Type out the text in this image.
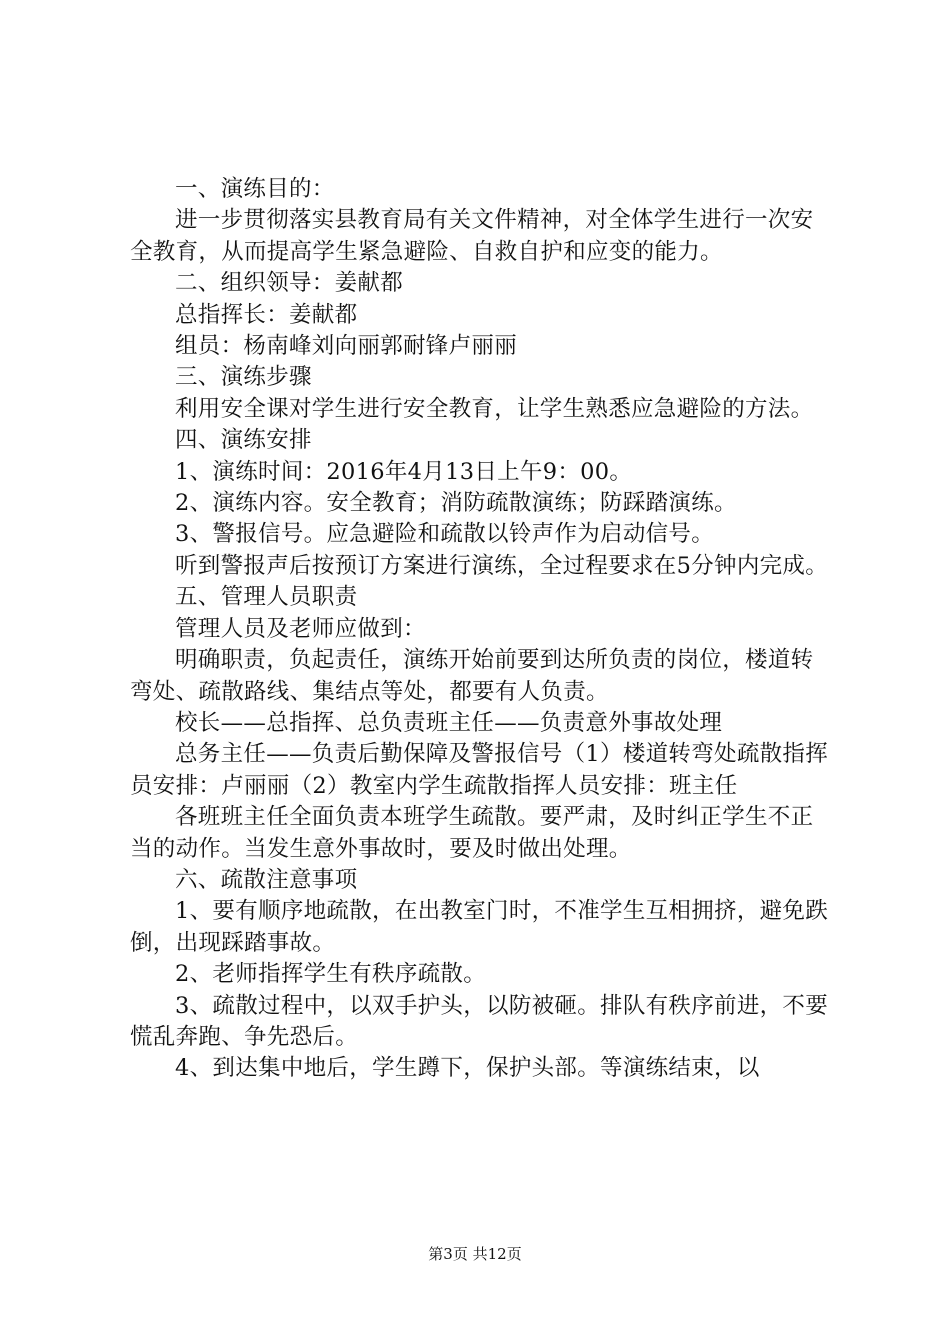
一、演练目的：

进一步贯彻落实县教育局有关文件精神，对全体学生进行一次安全教育，从而提高学生紧急避险、自救自护和应变的能力。

二、组织领导：姜献都

总指挥长：姜献都

组员：杨南峰刘向丽郭耐锋卢丽丽

三、演练步骤

利用安全课对学生进行安全教育，让学生熟悉应急避险的方法。

四、演练安排

1、演练时间：2016年4月13日上午9：00。

2、演练内容。安全教育；消防疏散演练；防踩踏演练。

3、警报信号。应急避险和疏散以铃声作为启动信号。

听到警报声后按预订方案进行演练，全过程要求在5分钟内完成。

五、管理人员职责

管理人员及老师应做到：

明确职责，负起责任，演练开始前要到达所负责的岗位，楼道转弯处、疏散路线、集结点等处，都要有人负责。

校长——总指挥、总负责班主任——负责意外事故处理

总务主任——负责后勤保障及警报信号（1）楼道转弯处疏散指挥员安排：卢丽丽（2）教室内学生疏散指挥人员安排：班主任

各班班主任全面负责本班学生疏散。要严肃，及时纠正学生不正当的动作。当发生意外事故时，要及时做出处理。

六、疏散注意事项

1、要有顺序地疏散，在出教室门时，不准学生互相拥挤，避免跌倒，出现踩踏事故。

2、老师指挥学生有秩序疏散。

3、疏散过程中，以双手护头，以防被砸。排队有秩序前进，不要慌乱奔跑、争先恐后。

4、到达集中地后，学生蹲下，保护头部。等演练结束，以

第3页 共12页
